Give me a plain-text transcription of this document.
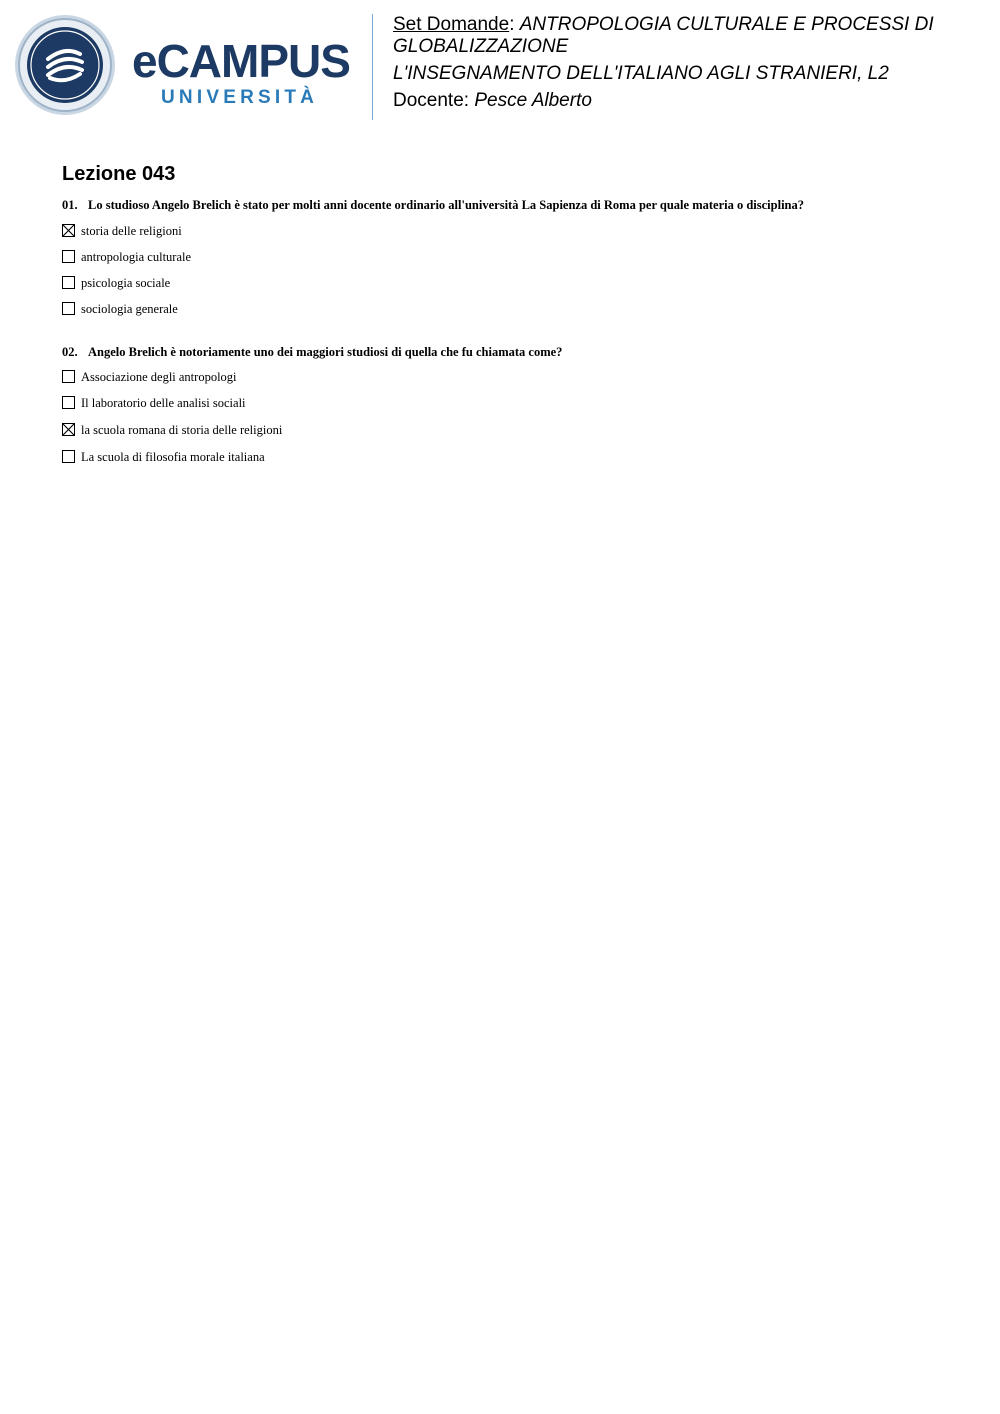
eCAMPUS
UNIVERSITÀ
Set Domande: ANTROPOLOGIA CULTURALE E PROCESSI DI
GLOBALIZZAZIONE
L'INSEGNAMENTO DELL'ITALIANO AGLI STRANIERI, L2
Docente: Pesce Alberto
Lezione 043
01. Lo studioso Angelo Brelich è stato per molti anni docente ordinario all'università La Sapienza di Roma per quale materia o disciplina?
storia delle religioni
antropologia culturale
psicologia sociale
sociologia generale
02. Angelo Brelich è notoriamente uno dei maggiori studiosi di quella che fu chiamata come?
Associazione degli antropologi
Il laboratorio delle analisi sociali
la scuola romana di storia delle religioni
La scuola di filosofia morale italiana
